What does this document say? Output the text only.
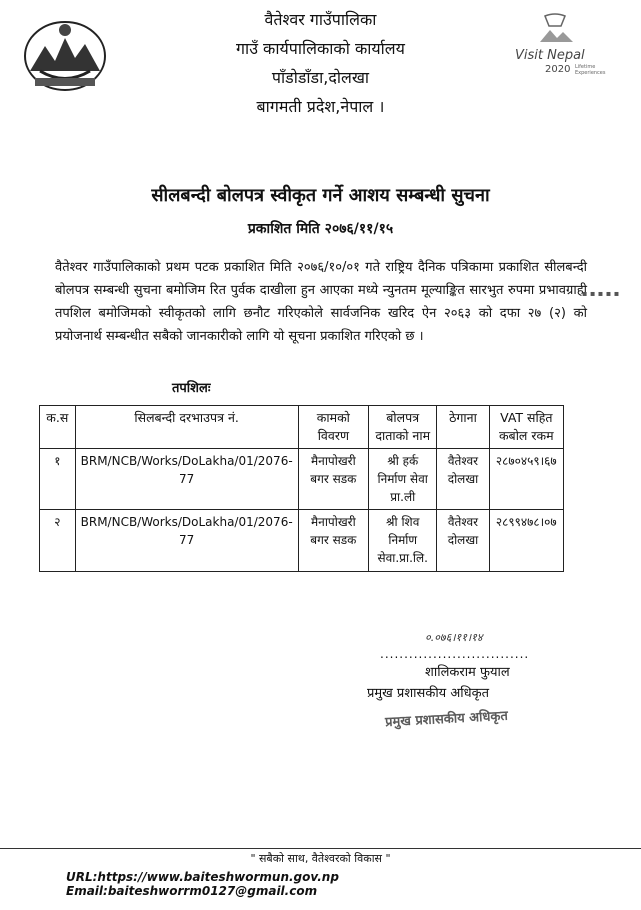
Visit Nepal
2020 Lifetime Experiences
वैतेश्वर गाउँपालिका
गाउँ कार्यपालिकाको कार्यालय
पाँडोडाँडा,दोलखा
बागमती प्रदेश,नेपाल ।
सीलबन्दी बोलपत्र स्वीकृत गर्ने आशय सम्बन्धी सुचना
प्रकाशित मिति २०७६/११/१५
वैतेश्वर गाउँपालिकाको प्रथम पटक प्रकाशित मिति २०७६/१०/०१ गते राष्ट्रिय दैनिक पत्रिकामा प्रकाशित सीलबन्दी बोलपत्र सम्बन्धी सुचना बमोजिम रित पुर्वक दाखीला हुन आएका मध्ये न्युनतम मूल्याङ्कित सारभुत रुपमा प्रभावग्राही तपशिल बमोजिमको स्वीकृतको लागि छनौट गरिएकोले सार्वजनिक खरिद ऐन २०६३ को दफा २७ (२) को प्रयोजनार्थ सम्बन्धीत सबैको जानकारीको लागि यो सूचना प्रकाशित गरिएको छ ।
▪ ▪ ▪ ▪ ▪
तपशिलः
क.स	सिलबन्दी दरभाउपत्र नं.	कामको विवरण	बोलपत्र दाताको नाम	ठेगाना	VAT सहित कबोल रकम
१	BRM/NCB/Works/DoLakha/01/2076-77	मैनापोखरी बगर सडक	श्री हर्क निर्माण सेवा प्रा.ली	वैतेश्वर दोलखा	२८७०४५९।६७
२	BRM/NCB/Works/DoLakha/01/2076-77	मैनापोखरी बगर सडक	श्री शिव निर्माण सेवा.प्रा.लि.	वैतेश्वर दोलखा	२८९९४७८।०७
०.०७६।११।१४
...............................
शालिकराम फुयाल
प्रमुख प्रशासकीय अधिकृत
प्रमुख प्रशासकीय अधिकृत
" सबैको साथ, वैतेश्वरको विकास "
URL:https://www.baiteshwormun.gov.np Email:baiteshworrm0127@gmail.com
